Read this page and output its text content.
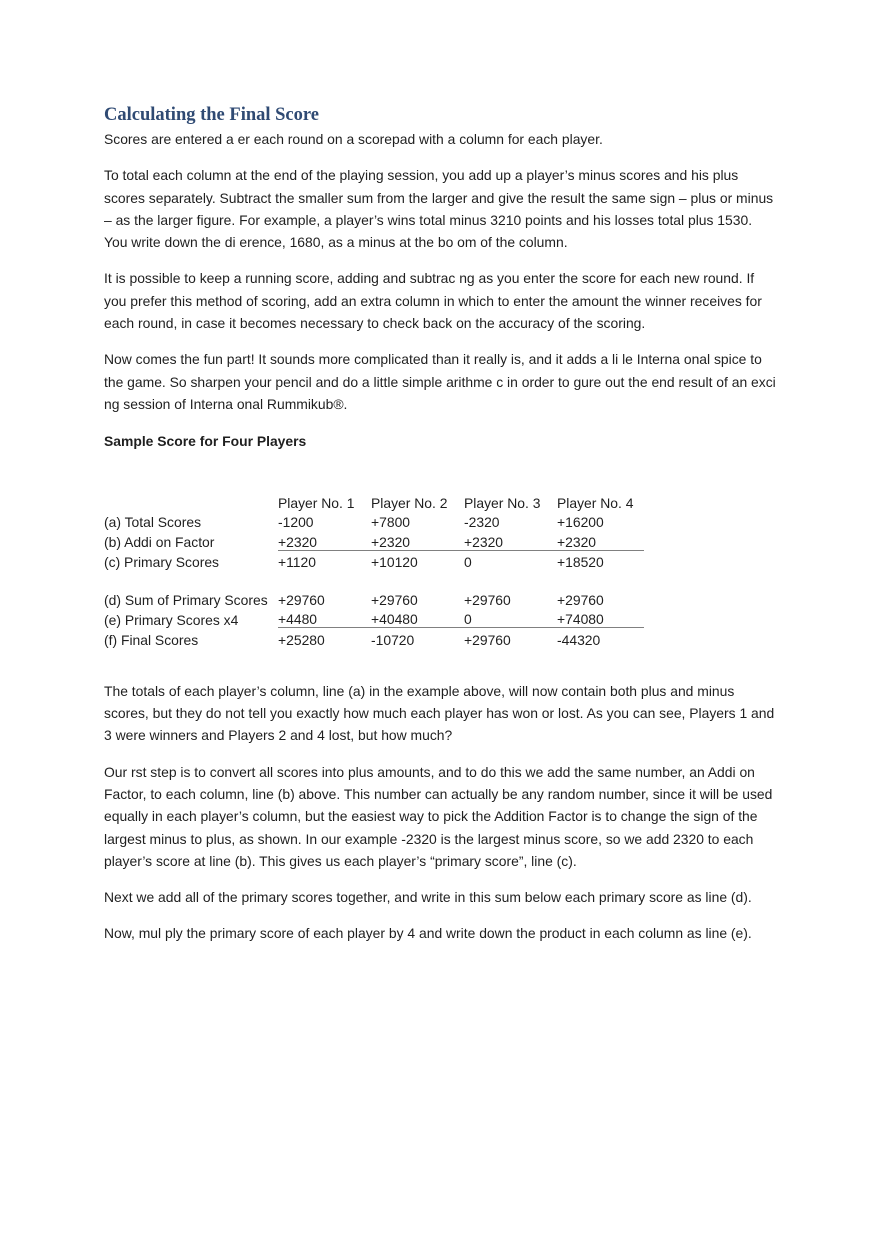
Calculating the Final Score

Scores are entered a er each round on a scorepad with a column for each player.

To total each column at the end of the playing session, you add up a player’s minus scores and his plus scores separately. Subtract the smaller sum from the larger and give the result the same sign – plus or minus – as the larger figure. For example, a player’s wins total minus 3210 points and his losses total plus 1530. You write down the di erence, 1680, as a minus at the bo om of the column.

It is possible to keep a running score, adding and subtrac ng as you enter the score for each new round. If you prefer this method of scoring, add an extra column in which to enter the amount the winner receives for each round, in case it becomes necessary to check back on the accuracy of the scoring.

Now comes the fun part! It sounds more complicated than it really is, and it adds a li le Interna onal spice to the game. So sharpen your pencil and do a little simple arithme c in order to gure out the end result of an exci ng session of Interna onal Rummikub®.

Sample Score for Four Players
	Player No. 1	Player No. 2	Player No. 3	Player No. 4
(a) Total Scores	-1200	+7800	-2320	+16200
(b) Addi on Factor	+2320	+2320	+2320	+2320
(c) Primary Scores	+1120	+10120	0	+18520

(d) Sum of Primary Scores	+29760	+29760	+29760	+29760
(e) Primary Scores x4	+4480	+40480	0	+74080
(f) Final Scores	+25280	-10720	+29760	-44320

The totals of each player’s column, line (a) in the example above, will now contain both plus and minus scores, but they do not tell you exactly how much each player has won or lost. As you can see, Players 1 and 3 were winners and Players 2 and 4 lost, but how much?

Our rst step is to convert all scores into plus amounts, and to do this we add the same number, an Addi on Factor, to each column, line (b) above. This number can actually be any random number, since it will be used equally in each player’s column, but the easiest way to pick the Addition Factor is to change the sign of the largest minus to plus, as shown. In our example -2320 is the largest minus score, so we add 2320 to each player’s score at line (b). This gives us each player’s “primary score”, line (c).

Next we add all of the primary scores together, and write in this sum below each primary score as line (d).

Now, mul ply the primary score of each player by 4 and write down the product in each column as line (e).
